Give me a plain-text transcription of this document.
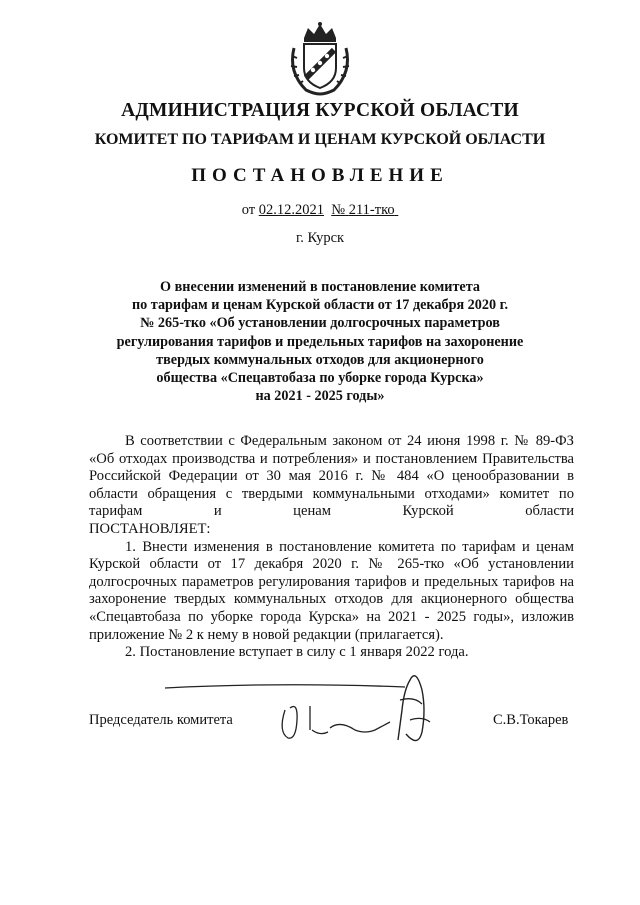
АДМИНИСТРАЦИЯ КУРСКОЙ ОБЛАСТИ
КОМИТЕТ ПО ТАРИФАМ И ЦЕНАМ КУРСКОЙ ОБЛАСТИ
ПОСТАНОВЛЕНИЕ
от 02.12.2021 № 211-тко
г. Курск
О внесении изменений в постановление комитета
по тарифам и ценам Курской области от 17 декабря 2020 г.
№ 265-тко «Об установлении долгосрочных параметров
регулирования тарифов и предельных тарифов на захоронение
твердых коммунальных отходов для акционерного
общества «Спецавтобаза по уборке города Курска»
на 2021 - 2025 годы»

В соответствии с Федеральным законом от 24 июня 1998 г. № 89-ФЗ «Об отходах производства и потребления» и постановлением Правительства Российской Федерации от 30 мая 2016 г. № 484 «О ценообразовании в области обращения с твердыми коммунальными отходами» комитет по тарифам и ценам Курской области

ПОСТАНОВЛЯЕТ:

1. Внести изменения в постановление комитета по тарифам и ценам Курской области от 17 декабря 2020 г. № 265-тко «Об установлении долгосрочных параметров регулирования тарифов и предельных тарифов на захоронение твердых коммунальных отходов для акционерного общества «Спецавтобаза по уборке города Курска» на 2021 - 2025 годы», изложив приложение № 2 к нему в новой редакции (прилагается).

2. Постановление вступает в силу с 1 января 2022 года.

Председатель комитета	С.В.Токарев
